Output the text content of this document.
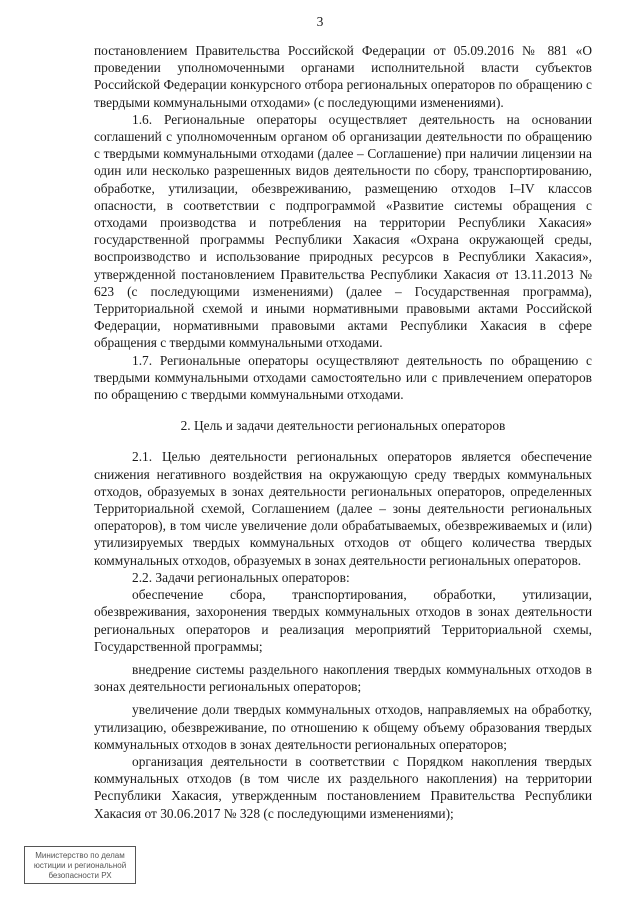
3

постановлением Правительства Российской Федерации от 05.09.2016 № 881 «О проведении уполномоченными органами исполнительной власти субъектов Российской Федерации конкурсного отбора региональных операторов по обращению с твердыми коммунальными отходами» (с последующими изменениями).

1.6. Региональные операторы осуществляет деятельность на основании соглашений с уполномоченным органом об организации деятельности по обращению с твердыми коммунальными отходами (далее – Соглашение) при наличии лицензии на один или несколько разрешенных видов деятельности по сбору, транспортированию, обработке, утилизации, обезвреживанию, размещению отходов I–IV классов опасности, в соответствии с подпрограммой «Развитие системы обращения с отходами производства и потребления на территории Республики Хакасия» государственной программы Республики Хакасия «Охрана окружающей среды, воспроизводство и использование природных ресурсов в Республики Хакасия», утвержденной постановлением Правительства Республики Хакасия от 13.11.2013 № 623 (с последующими изменениями) (далее – Государственная программа), Территориальной схемой и иными нормативными правовыми актами Российской Федерации, нормативными правовыми актами Республики Хакасия в сфере обращения с твердыми коммунальными отходами.

1.7. Региональные операторы осуществляют деятельность по обращению с твердыми коммунальными отходами самостоятельно или с привлечением операторов по обращению с твердыми коммунальными отходами.

2. Цель и задачи деятельности региональных операторов

2.1. Целью деятельности региональных операторов является обеспечение снижения негативного воздействия на окружающую среду твердых коммунальных отходов, образуемых в зонах деятельности региональных операторов, определенных Территориальной схемой, Соглашением (далее – зоны деятельности региональных операторов), в том числе увеличение доли обрабатываемых, обезвреживаемых и (или) утилизируемых твердых коммунальных отходов от общего количества твердых коммунальных отходов, образуемых в зонах деятельности региональных операторов.

2.2. Задачи региональных операторов:

обеспечение сбора, транспортирования, обработки, утилизации, обезвреживания, захоронения твердых коммунальных отходов в зонах деятельности региональных операторов и реализация мероприятий Территориальной схемы, Государственной программы;

внедрение системы раздельного накопления твердых коммунальных отходов в зонах деятельности региональных операторов;

увеличение доли твердых коммунальных отходов, направляемых на обработку, утилизацию, обезвреживание, по отношению к общему объему образования твердых коммунальных отходов в зонах деятельности региональных операторов;

организация деятельности в соответствии с Порядком накопления твердых коммунальных отходов (в том числе их раздельного накопления) на территории Республики Хакасия, утвержденным постановлением Правительства Республики Хакасия от 30.06.2017 № 328 (с последующими изменениями);

Министерство по делам
юстиции и региональной
безопасности РХ
